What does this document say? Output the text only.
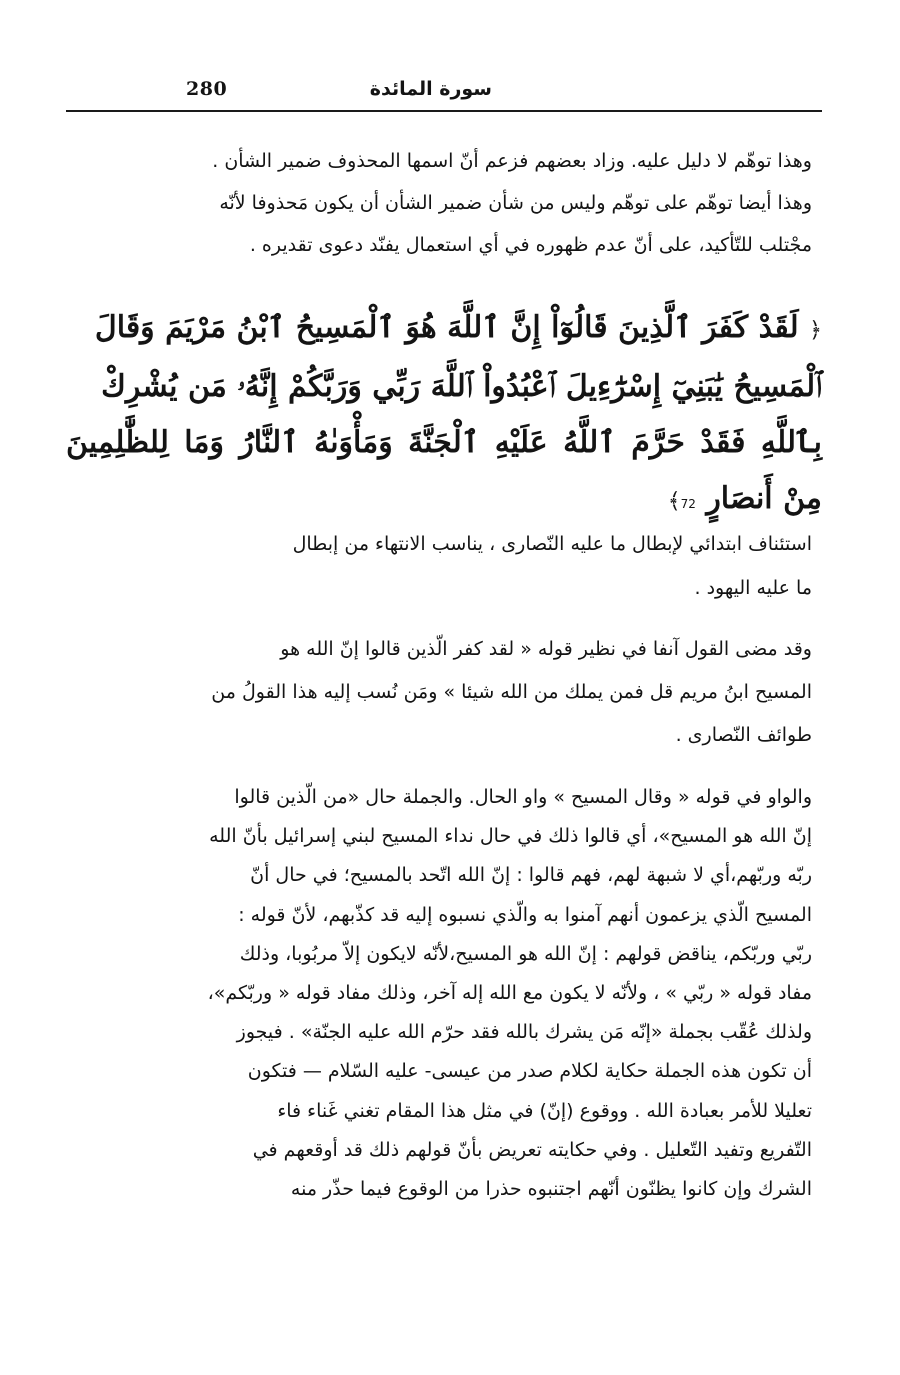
280	سورة المائدة

وهذا توهّم لا دليل عليه. وزاد بعضهم فزعم أنّ اسمها المحذوف ضمير الشأن .

وهذا أيضا توهّم على توهّم وليس من شأن ضمير الشأن أن يكون مَحذوفا لأنّه

مجْتلب للتّأكيد، على أنّ عدم ظهوره في أي استعمال يفنّد دعوى تقديره .

﴿ لَقَدْ كَفَرَ ٱلَّذِينَ قَالُوٓاْ إِنَّ ٱللَّهَ هُوَ ٱلْمَسِيحُ ٱبْنُ مَرْيَمَ وَقَالَ

ٱلْمَسِيحُ يَٰبَنِيٓ إِسْرَٰٓءِيلَ ٱعْبُدُواْ ٱللَّهَ رَبِّي وَرَبَّكُمْ إِنَّهُۥ مَن يُشْرِكْ

بِٱللَّهِ فَقَدْ حَرَّمَ ٱللَّهُ عَلَيْهِ ٱلْجَنَّةَ وَمَأْوَىٰهُ ٱلنَّارُ وَمَا لِلظَّٰلِمِينَ مِنْ أَنصَارٍ 72﴾

استئناف ابتدائي لإبطال ما عليه النّصارى ، يناسب الانتهاء من إبطال

ما عليه اليهود .

وقد مضى القول آنفا في نظير قوله « لقد كفر الّذين قالوا إنّ الله هو

المسيح ابنُ مريم قل فمن يملك من الله شيئا » ومَن نُسب إليه هذا القولُ من

طوائف النّصارى .

والواو في قوله « وقال المسيح » واو الحال. والجملة حال «من الّذين قالوا

إنّ الله هو المسيح»، أي قالوا ذلك في حال نداء المسيح لبني إسرائيل بأنّ الله

ربّه وربّهم،أي لا شبهة لهم، فهم قالوا : إنّ الله اتّحد بالمسيح؛ في حال أنّ

المسيح الّذي يزعمون أنهم آمنوا به والّذي نسبوه إليه قد كذّبهم، لأنّ قوله :

ربّي وربّكم، يناقض قولهم : إنّ الله هو المسيح،لأنّه لايكون إلاّ مربُوبا، وذلك

مفاد قوله « ربّي » ، ولأنّه لا يكون مع الله إله آخر، وذلك مفاد قوله « وربّكم»،

ولذلك عُقّب بجملة «إنّه مَن يشرك بالله فقد حرّم الله عليه الجنّة» . فيجوز

أن تكون هذه الجملة حكاية لكلام صدر من عيسى- عليه السّلام — فتكون

تعليلا للأمر بعبادة الله . ووقوع (إنّ) في مثل هذا المقام تغني غَناء فاء

التّفريع وتفيد التّعليل . وفي حكايته تعريض بأنّ قولهم ذلك قد أوقعهم في

الشرك وإن كانوا يظنّون أنّهم اجتنبوه حذرا من الوقوع فيما حذّر منه
